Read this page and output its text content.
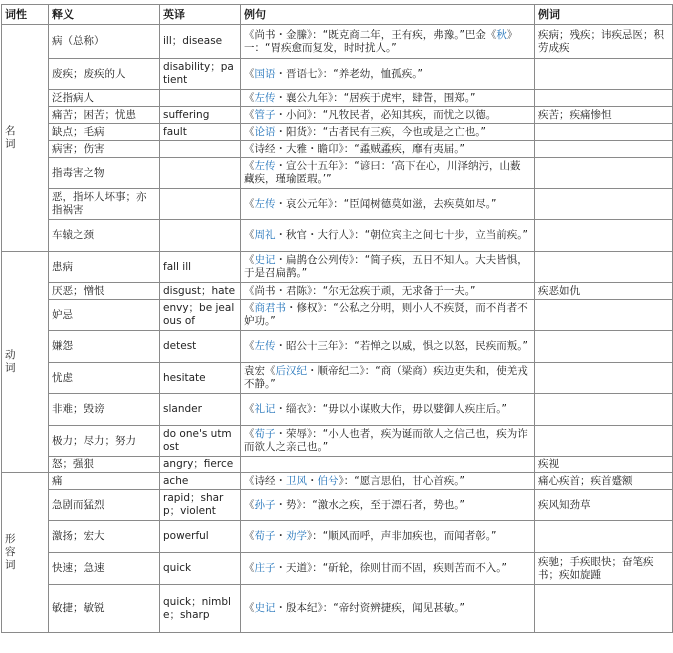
词性	释义	英译	例句	例词

名
词	病（总称）	ill；disease	《尚书・金縢》：“既克商二年，王有疾，弗豫。”巴金《秋》一：“胃疾愈而复发，时时扰人。”	疾病；残疾；讳疾忌医；积劳成疾
	废疾；废疾的人	disability；patient	《国语・晋语七》：“养老幼，恤孤疾。”	
	泛指病人		《左传・襄公九年》：“居疾于虎牢，肆眚，围郑。”	
	痛苦；困苦；忧患	suffering	《管子・小问》：“凡牧民者，必知其疾，而忧之以德。	疾苦；疾痛惨怛
	缺点；毛病	fault	《论语・阳货》：“古者民有三疾，今也或是之亡也。”	
	病害；伤害		《诗经・大雅・瞻卬》：“蟊贼蟊疾，靡有夷届。”	
	指毒害之物		《左传・宣公十五年》：“谚曰：‘高下在心，川泽纳污，山薮藏疾，瑾瑜匿瑕。’”	
	恶，指坏人坏事；亦指祸害		《左传・哀公元年》：“臣闻树德莫如滋，去疾莫如尽。”	
	车辕之颈		《周礼・秋官・大行人》：“朝位宾主之间七十步，立当前疾。”	

动
词	患病	fall ill	《史记・扁鹊仓公列传》：“简子疾，五日不知人。大夫皆惧，于是召扁鹊。”	
	厌恶；憎恨	disgust；hate	《尚书・君陈》：“尔无忿疾于顽，无求备于一夫。”	疾恶如仇
	妒忌	envy；be jealous of	《商君书・修权》：“公私之分明，则小人不疾贤，而不肖者不妒功。”	
	嫌怨	detest	《左传・昭公十三年》：“若惮之以威，惧之以怒，民疾而叛。”	
	忧虑	hesitate	袁宏《后汉纪・顺帝纪二》：“商（梁商）疾边吏失和，使羌戎不静。”	
	非难；毁谤	slander	《礼记・缁衣》：“毋以小谋败大作，毋以嬖御人疾庄后。”	
	极力；尽力；努力	do one's utmost	《荀子・荣辱》：“小人也者，疾为诞而欲人之信己也，疾为诈而欲人之亲己也。”	
	怒；强狠	angry；fierce		疾视

形
容
词	痛	ache	《诗经・卫风・伯兮》：“愿言思伯，甘心首疾。”	痛心疾首；疾首蹙额
	急剧而猛烈	rapid；sharp；violent	《孙子・势》：“激水之疾，至于漂石者，势也。”	疾风知劲草
	激扬；宏大	powerful	《荀子・劝学》：“顺风而呼，声非加疾也，而闻者彰。”	
	快速；急速	quick	《庄子・天道》：“斫轮，徐则甘而不固，疾则苦而不入。”	疾驰；手疾眼快；奋笔疾书；疾如旋踵
	敏捷；敏锐	quick；nimble；sharp	《史记・殷本纪》：“帝纣资辨捷疾，闻见甚敏。”	
